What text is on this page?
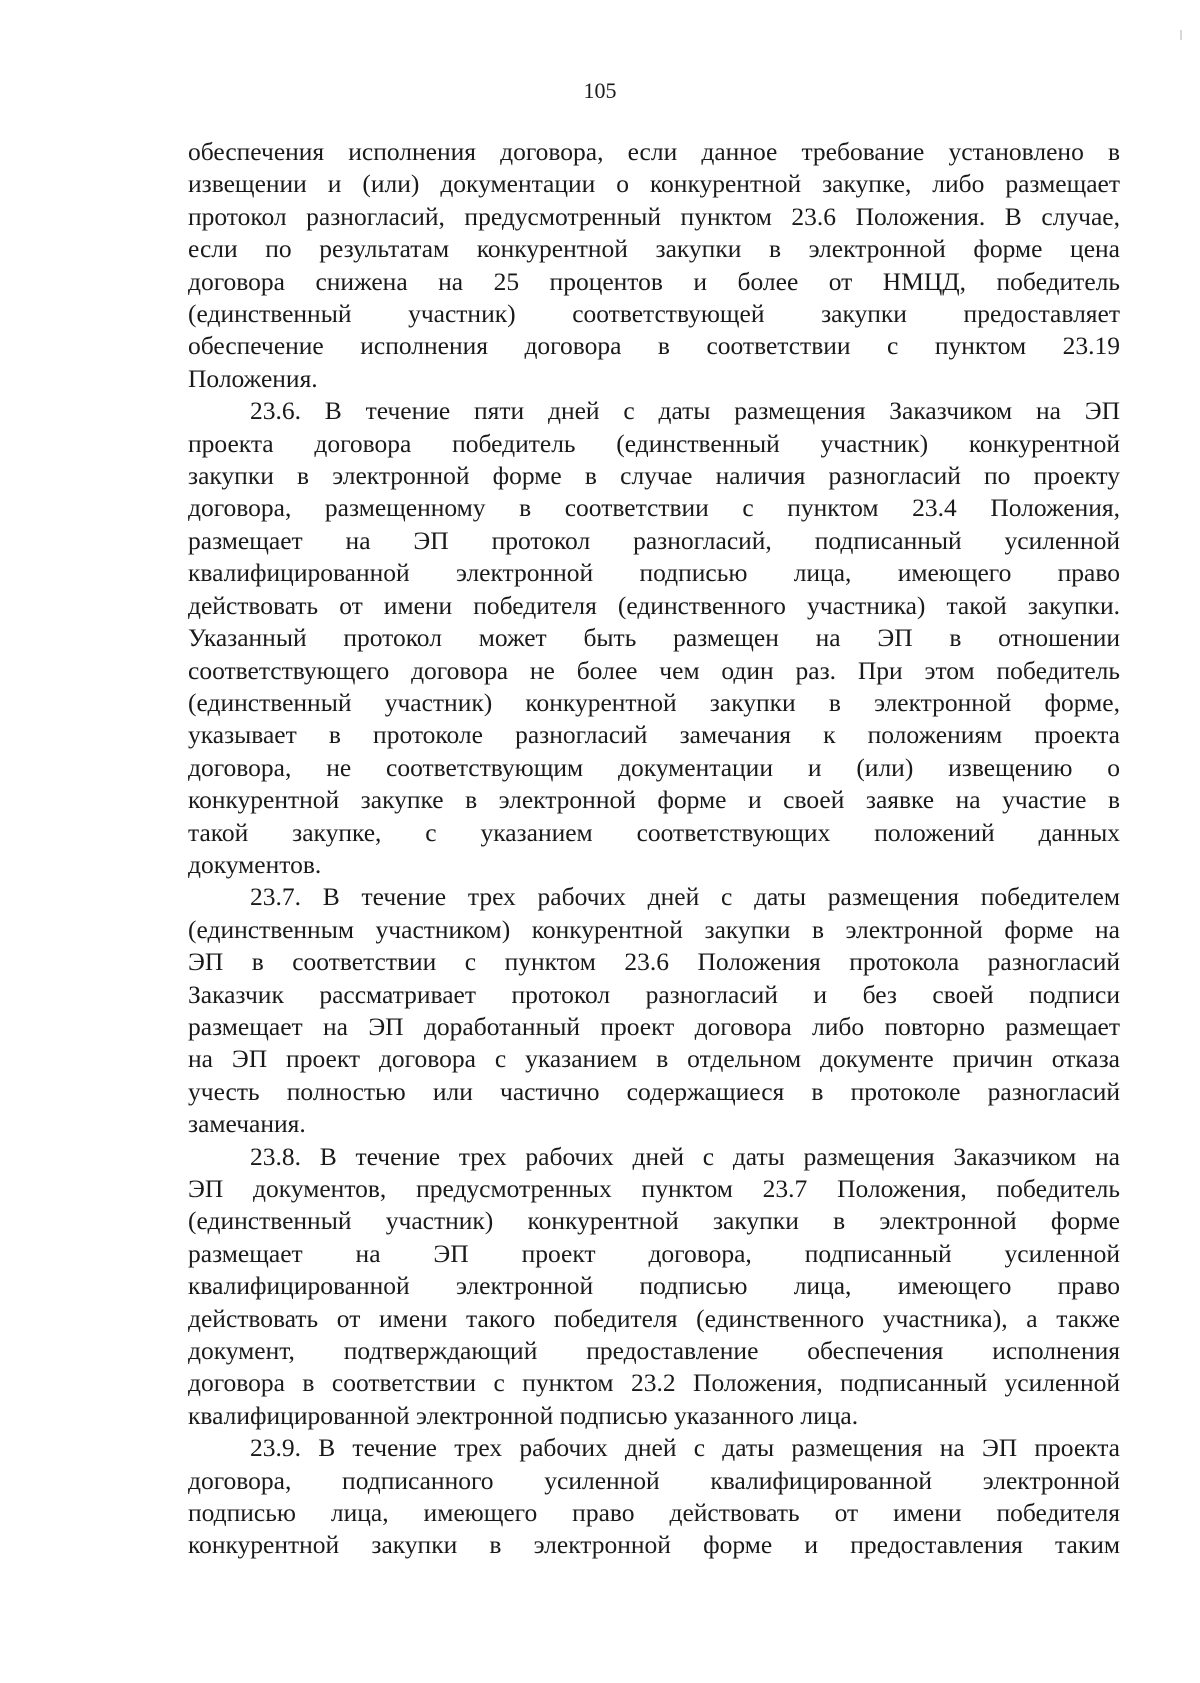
105
обеспечения исполнения договора, если данное требование установлено в
извещении и (или) документации о конкурентной закупке, либо размещает
протокол разногласий, предусмотренный пунктом 23.6 Положения. В случае,
если по результатам конкурентной закупки в электронной форме цена
договора снижена на 25 процентов и более от НМЦД, победитель
(единственный участник) соответствующей закупки предоставляет
обеспечение исполнения договора в соответствии с пунктом 23.19
Положения.
23.6. В течение пяти дней с даты размещения Заказчиком на ЭП
проекта договора победитель (единственный участник) конкурентной
закупки в электронной форме в случае наличия разногласий по проекту
договора, размещенному в соответствии с пунктом 23.4 Положения,
размещает на ЭП протокол разногласий, подписанный усиленной
квалифицированной электронной подписью лица, имеющего право
действовать от имени победителя (единственного участника) такой закупки.
Указанный протокол может быть размещен на ЭП в отношении
соответствующего договора не более чем один раз. При этом победитель
(единственный участник) конкурентной закупки в электронной форме,
указывает в протоколе разногласий замечания к положениям проекта
договора, не соответствующим документации и (или) извещению о
конкурентной закупке в электронной форме и своей заявке на участие в
такой закупке, с указанием соответствующих положений данных
документов.
23.7. В течение трех рабочих дней с даты размещения победителем
(единственным участником) конкурентной закупки в электронной форме на
ЭП в соответствии с пунктом 23.6 Положения протокола разногласий
Заказчик рассматривает протокол разногласий и без своей подписи
размещает на ЭП доработанный проект договора либо повторно размещает
на ЭП проект договора с указанием в отдельном документе причин отказа
учесть полностью или частично содержащиеся в протоколе разногласий
замечания.
23.8. В течение трех рабочих дней с даты размещения Заказчиком на
ЭП документов, предусмотренных пунктом 23.7 Положения, победитель
(единственный участник) конкурентной закупки в электронной форме
размещает на ЭП проект договора, подписанный усиленной
квалифицированной электронной подписью лица, имеющего право
действовать от имени такого победителя (единственного участника), а также
документ, подтверждающий предоставление обеспечения исполнения
договора в соответствии с пунктом 23.2 Положения, подписанный усиленной
квалифицированной электронной подписью указанного лица.
23.9. В течение трех рабочих дней с даты размещения на ЭП проекта
договора, подписанного усиленной квалифицированной электронной
подписью лица, имеющего право действовать от имени победителя
конкурентной закупки в электронной форме и предоставления таким
